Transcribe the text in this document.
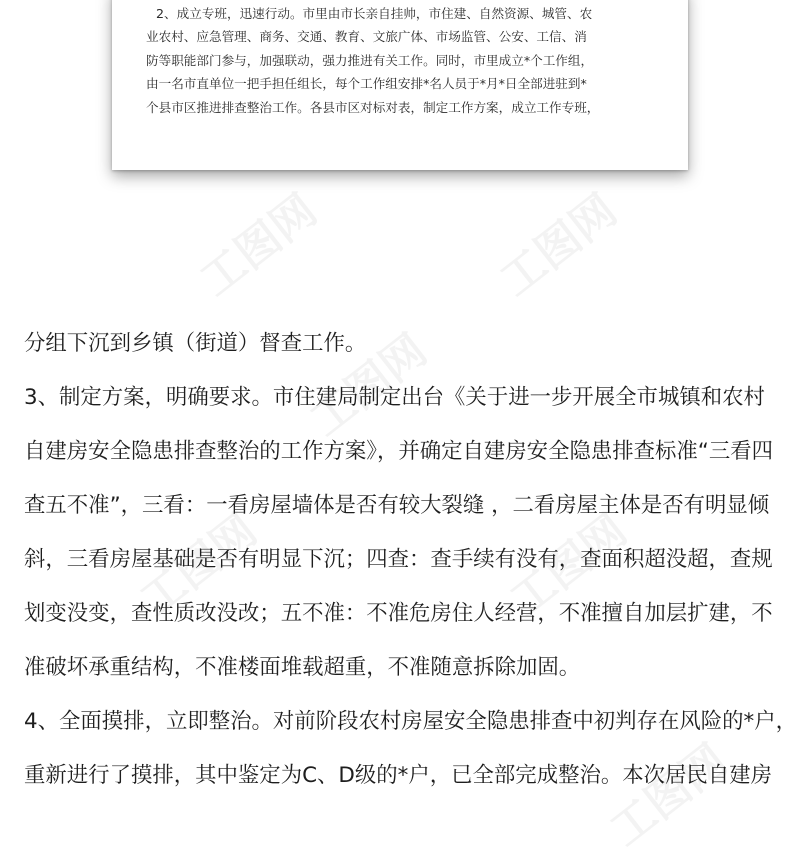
工图网	工图网
工图网
工图网	工图网
工图网
2、成立专班，迅速行动。市里由市长亲自挂帅，市住建、自然资源、城管、农
业农村、应急管理、商务、交通、教育、文旅广体、市场监管、公安、工信、消
防等职能部门参与，加强联动，强力推进有关工作。同时，市里成立*个工作组，
由一名市直单位一把手担任组长，每个工作组安排*名人员于*月*日全部进驻到*
个县市区推进排查整治工作。各县市区对标对表，制定工作方案，成立工作专班，
分组下沉到乡镇（街道）督查工作。
3、制定方案，明确要求。市住建局制定出台《关于进一步开展全市城镇和农村
自建房安全隐患排查整治的工作方案》，并确定自建房安全隐患排查标准“三看四
查五不准”，三看：一看房屋墙体是否有较大裂缝 ，二看房屋主体是否有明显倾
斜，三看房屋基础是否有明显下沉；四查：查手续有没有，查面积超没超，查规
划变没变，查性质改没改；五不准：不准危房住人经营，不准擅自加层扩建，不
准破坏承重结构，不准楼面堆载超重，不准随意拆除加固。
4、全面摸排，立即整治。对前阶段农村房屋安全隐患排查中初判存在风险的*户，
重新进行了摸排，其中鉴定为C、D级的*户，已全部完成整治。本次居民自建房
